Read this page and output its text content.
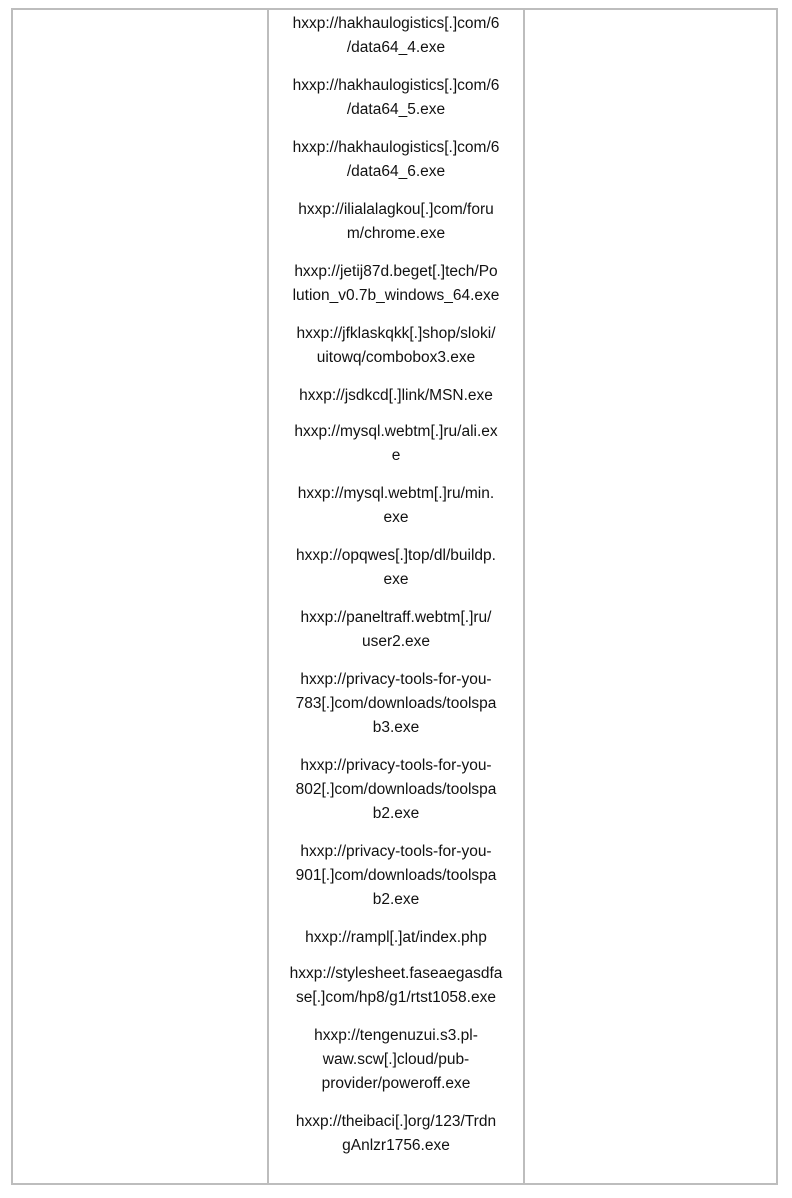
hxxp://hakhaulogistics[.]com/6
/data64_4.exe
hxxp://hakhaulogistics[.]com/6
/data64_5.exe
hxxp://hakhaulogistics[.]com/6
/data64_6.exe
hxxp://ilialalagkou[.]com/foru
m/chrome.exe
hxxp://jetij87d.beget[.]tech/Po
lution_v0.7b_windows_64.exe
hxxp://jfklaskqkk[.]shop/sloki/
uitowq/combobox3.exe
hxxp://jsdkcd[.]link/MSN.exe
hxxp://mysql.webtm[.]ru/ali.ex
e
hxxp://mysql.webtm[.]ru/min.
exe
hxxp://opqwes[.]top/dl/buildp.
exe
hxxp://paneltraff.webtm[.]ru/
user2.exe
hxxp://privacy-tools-for-you-
783[.]com/downloads/toolspa
b3.exe
hxxp://privacy-tools-for-you-
802[.]com/downloads/toolspa
b2.exe
hxxp://privacy-tools-for-you-
901[.]com/downloads/toolspa
b2.exe
hxxp://rampl[.]at/index.php
hxxp://stylesheet.faseaegasdfa
se[.]com/hp8/g1/rtst1058.exe
hxxp://tengenuzui.s3.pl-
waw.scw[.]cloud/pub-
provider/poweroff.exe
hxxp://theibaci[.]org/123/Trdn
gAnlzr1756.exe
